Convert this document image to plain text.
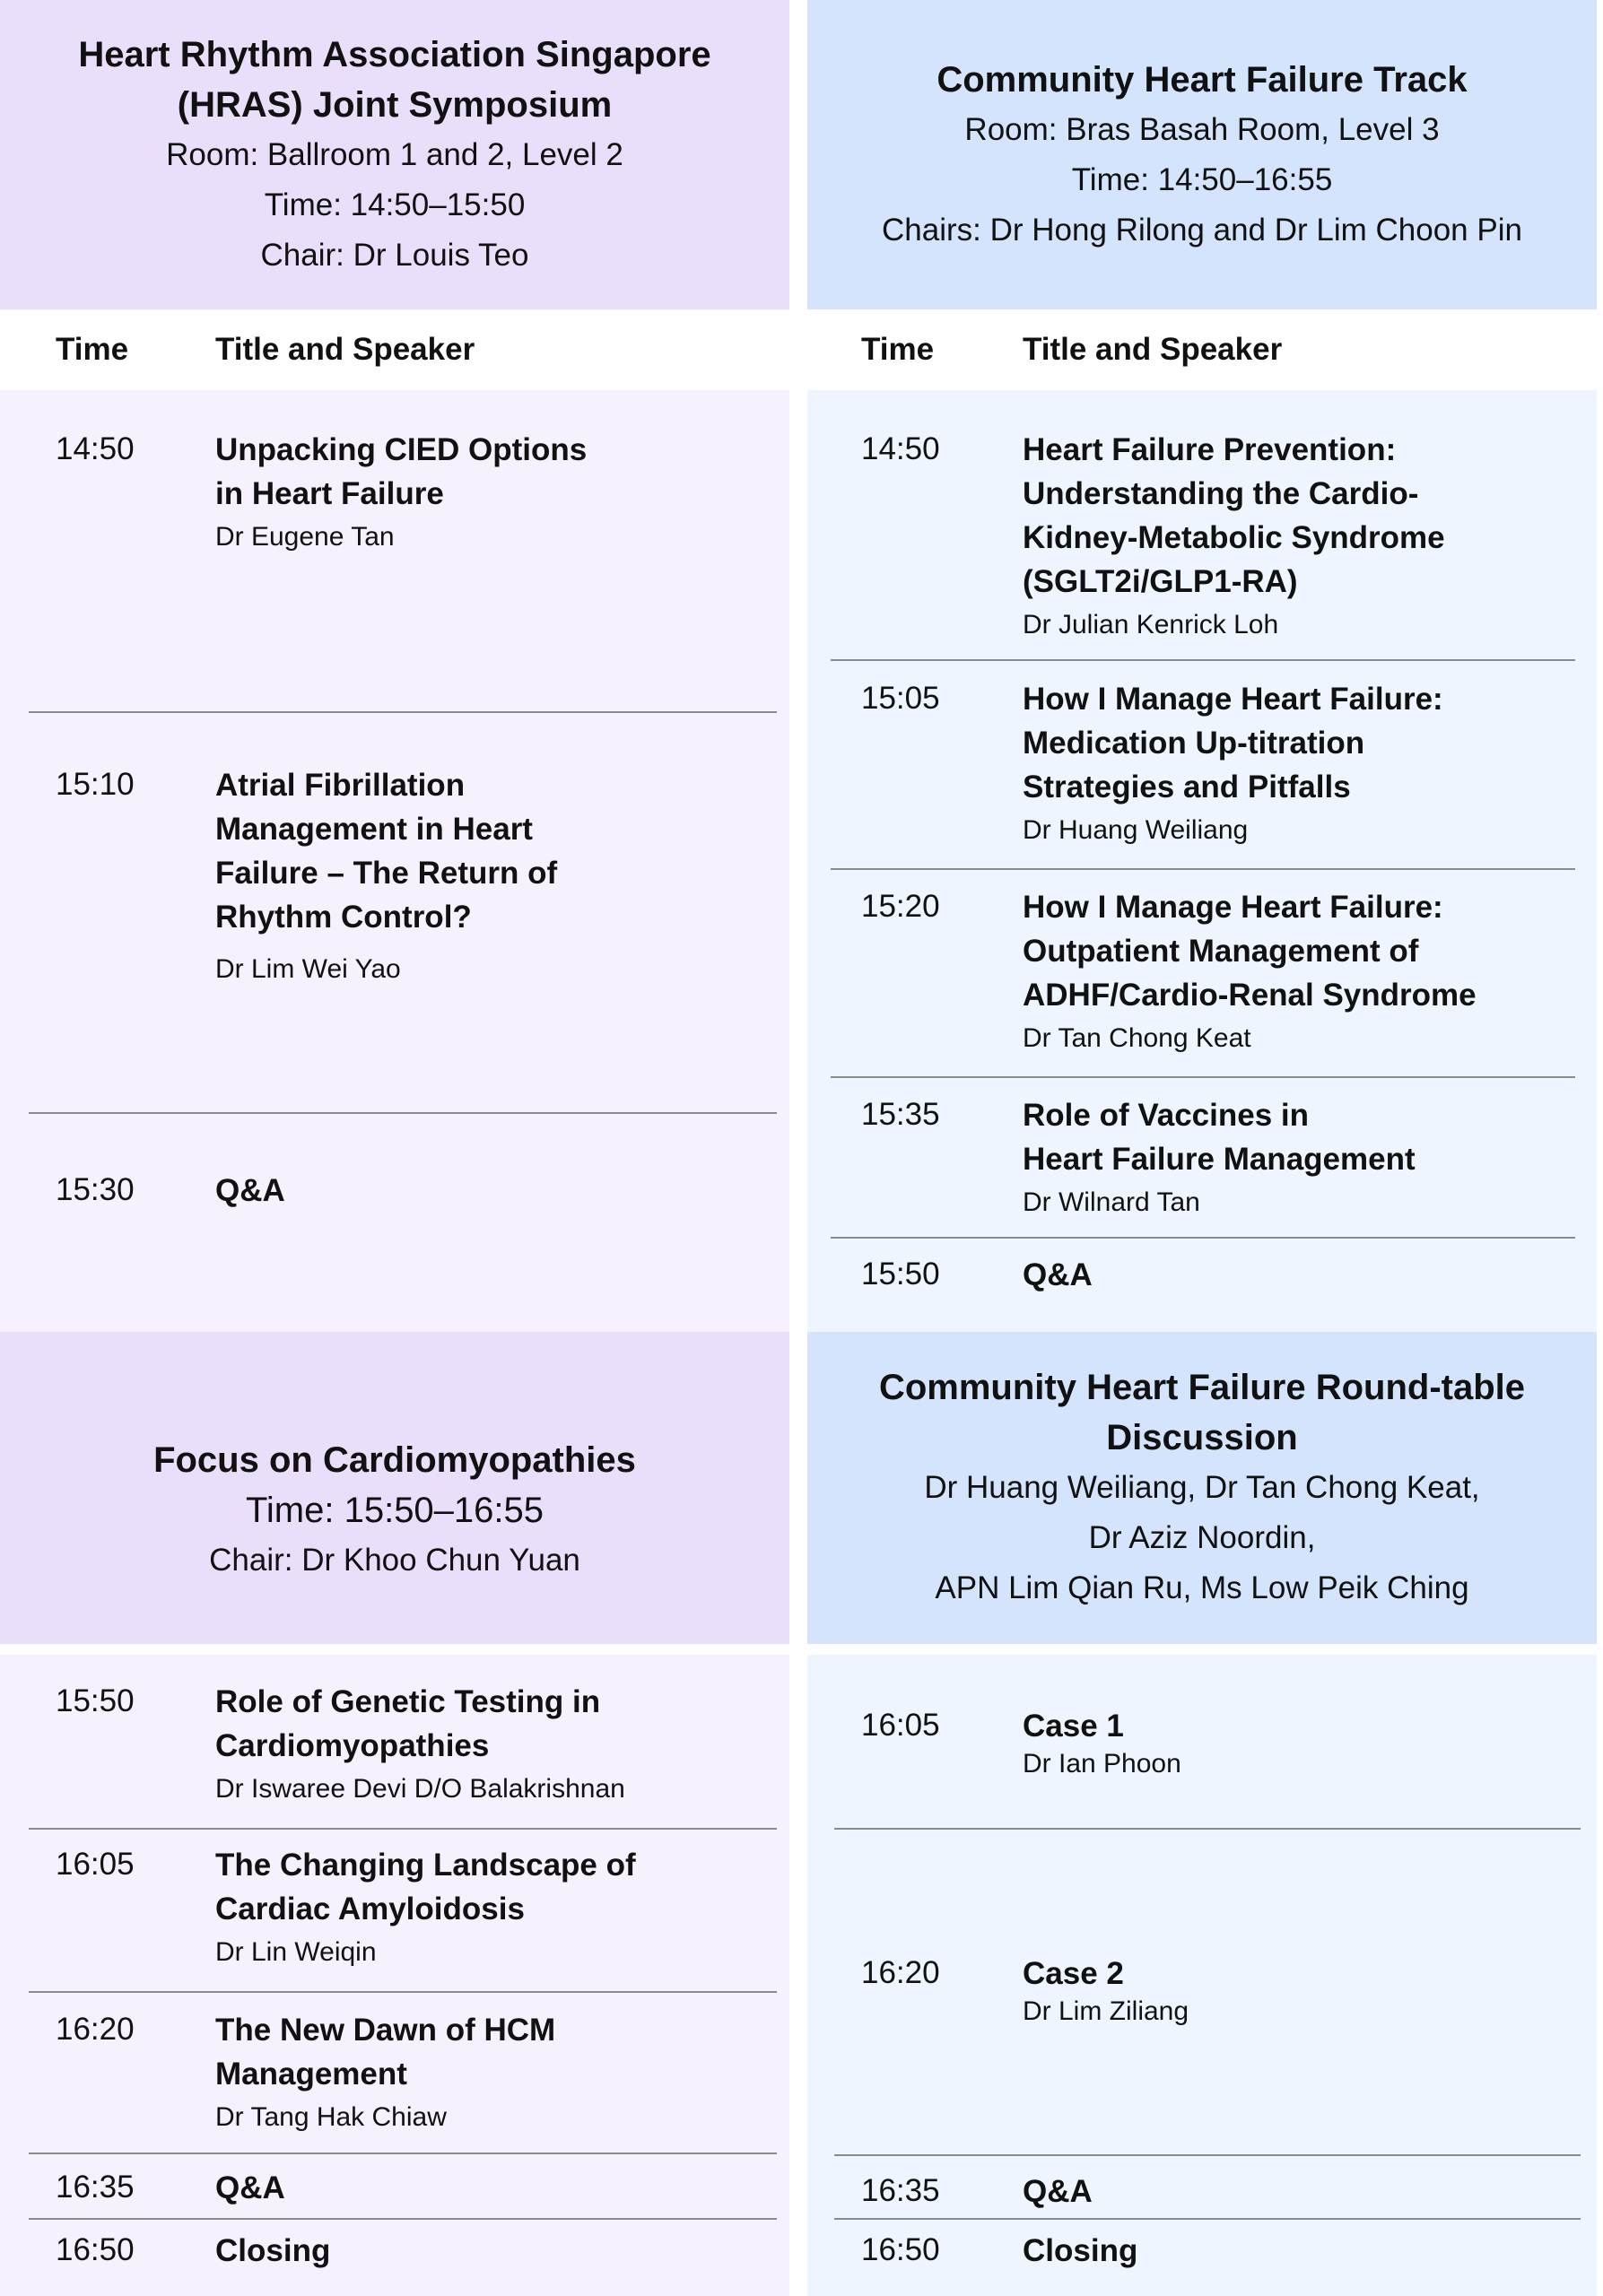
Heart Rhythm Association Singapore
(HRAS) Joint Symposium
Room: Ballroom 1 and 2, Level 2
Time: 14:50–15:50
Chair: Dr Louis Teo
Time	Title and Speaker
14:50	Unpacking CIED Options
in Heart Failure
Dr Eugene Tan
15:10	Atrial Fibrillation
Management in Heart
Failure – The Return of
Rhythm Control?
Dr Lim Wei Yao
15:30	Q&A
Focus on Cardiomyopathies
Time: 15:50–16:55
Chair: Dr Khoo Chun Yuan
15:50	Role of Genetic Testing in
Cardiomyopathies
Dr Iswaree Devi D/O Balakrishnan
16:05	The Changing Landscape of
Cardiac Amyloidosis
Dr Lin Weiqin
16:20	The New Dawn of HCM
Management
Dr Tang Hak Chiaw
16:35	Q&A
16:50	Closing
Community Heart Failure Track
Room: Bras Basah Room, Level 3
Time: 14:50–16:55
Chairs: Dr Hong Rilong and Dr Lim Choon Pin
Time	Title and Speaker
14:50	Heart Failure Prevention:
Understanding the Cardio-
Kidney-Metabolic Syndrome
(SGLT2i/GLP1-RA)
Dr Julian Kenrick Loh
15:05	How I Manage Heart Failure:
Medication Up-titration
Strategies and Pitfalls
Dr Huang Weiliang
15:20	How I Manage Heart Failure:
Outpatient Management of
ADHF/Cardio-Renal Syndrome
Dr Tan Chong Keat
15:35	Role of Vaccines in
Heart Failure Management
Dr Wilnard Tan
15:50	Q&A
Community Heart Failure Round-table
Discussion
Dr Huang Weiliang, Dr Tan Chong Keat,
Dr Aziz Noordin,
APN Lim Qian Ru, Ms Low Peik Ching
16:05	Case 1
Dr Ian Phoon
16:20	Case 2
Dr Lim Ziliang
16:35	Q&A
16:50	Closing
